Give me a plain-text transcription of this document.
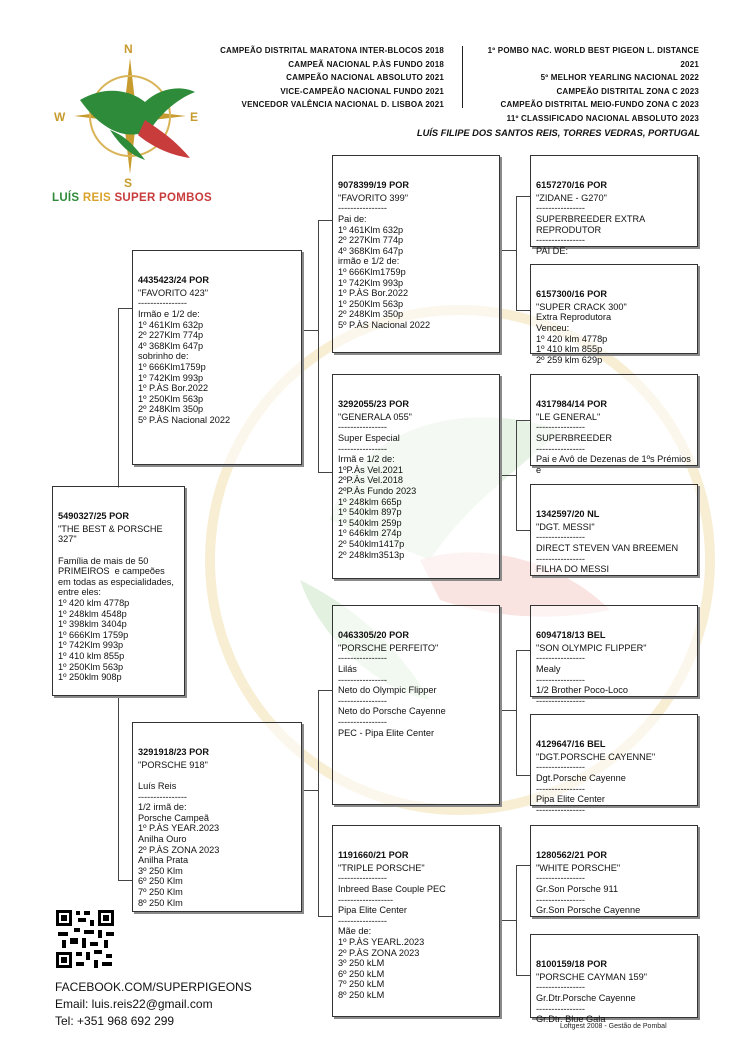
N
S
W	E
LUÍS REIS SUPER POMBOS
CAMPEÃO DISTRITAL MARATONA INTER-BLOCOS 2018
CAMPEÃ NACIONAL P.ÀS FUNDO 2018
CAMPEÃO NACIONAL ABSOLUTO 2021
VICE-CAMPEÃO NACIONAL FUNDO 2021
VENCEDOR VALÊNCIA NACIONAL D. LISBOA 2021
1º POMBO NAC. WORLD BEST PIGEON L. DISTANCE 2021
5º MELHOR YEARLING NACIONAL 2022
CAMPEÃO DISTRITAL ZONA C 2023
CAMPEÃO DISTRITAL MEIO-FUNDO ZONA C 2023
11º CLASSIFICADO NACIONAL ABSOLUTO 2023
LUÍS FILIPE DOS SANTOS REIS, TORRES VEDRAS, PORTUGAL

5490327/25 POR
"THE BEST & PORSCHE 327"

Família de mais de 50 PRIMEIROS  e campeões em todas as especialidades, entre eles:
1º 420 klm 4778p
1º 248klm 4548p
1º 398klm 3404p
1º 666Klm 1759p
1º 742Klm 993p
1º 410 klm 855p
1º 250Klm 563p
1º 250klm 908p

4435423/24 POR
"FAVORITO 423"
----------------
Irmão e 1/2 de:
1º 461Klm 632p
2º 227Klm 774p
4º 368Klm 647p
sobrinho de:
1º 666Klm1759p
1º 742Klm 993p
1º P.ÀS Bor.2022
1º 250Klm 563p
2º 248Klm 350p
5º P.ÀS Nacional 2022

3291918/23 POR
"PORSCHE 918"

Luís Reis
----------------
1/2 irmã de:
Porsche Campeã
1º P.ÀS YEAR.2023
Anilha Ouro
2º P.ÀS ZONA 2023
Anilha Prata
3º 250 Klm
6º 250 Klm
7º 250 Klm
8º 250 Klm

9078399/19 POR
"FAVORITO 399"
----------------
Pai de:
1º 461Klm 632p
2º 227Klm 774p
4º 368Klm 647p
irmão e 1/2 de:
1º 666Klm1759p
1º 742Klm 993p
1º P.ÀS Bor.2022
1º 250Klm 563p
2º 248Klm 350p
5º P.ÀS Nacional 2022

3292055/23 POR
"GENERALA 055"
----------------
Super Especial
----------------
Irmã e 1/2 de:
1ºP.Às Vel.2021
2ºP.Às Vel.2018
2ºP.Às Fundo 2023
1º 248klm 665p
1º 540klm 897p
1º 540klm 259p
1º 646klm 274p
2º 540klm1417p
2º 248klm3513p

0463305/20 POR
"PORSCHE PERFEITO"
----------------
Lilás
----------------
Neto do Olympic Flipper
----------------
Neto do Porsche Cayenne
----------------
PEC - Pipa Elite Center

1191660/21 POR
"TRIPLE PORSCHE"
----------------
Inbreed Base Couple PEC
------------------
Pipa Elite Center
----------------
Mãe de:
1º P.ÀS YEARL.2023
2º P.ÀS ZONA 2023
3º 250 kLM
6º 250 kLM
7º 250 kLM
8º 250 kLM

6157270/16 POR
"ZIDANE - G270"
----------------
SUPERBREEDER EXTRA REPRODUTOR
----------------
PAI DE:

6157300/16 POR
"SUPER CRACK 300"
Extra Reprodutora
Venceu:
1º 420 klm 4778p
1º 410 klm 855p
2º 259 klm 629p

4317984/14 POR
"LE GENERAL"
----------------
SUPERBREEDER
----------------
Pai e Avô de Dezenas de 1ºs Prémios e

1342597/20 NL
"DGT. MESSI"
----------------
DIRECT STEVEN VAN BREEMEN
----------------
FILHA DO MESSI

6094718/13 BEL
"SON OLYMPIC FLIPPER"
----------------
Mealy
----------------
1/2 Brother Poco-Loco
----------------

4129647/16 BEL
"DGT.PORSCHE CAYENNE"
----------------
Dgt.Porsche Cayenne
----------------
Pipa Elite Center
----------------

1280562/21 POR
"WHITE PORSCHE"
----------------
Gr.Son Porsche 911
----------------
Gr.Son Porsche Cayenne

8100159/18 POR
"PORSCHE CAYMAN 159"
----------------
Gr.Dtr.Porsche Cayenne
----------------
Gr.Dtr. Blue Gala

FACEBOOK.COM/SUPERPIGEONS
Email: luis.reis22@gmail.com
Tel: +351 968 692 299	Loftgest 2008 - Gestão de Pombal
